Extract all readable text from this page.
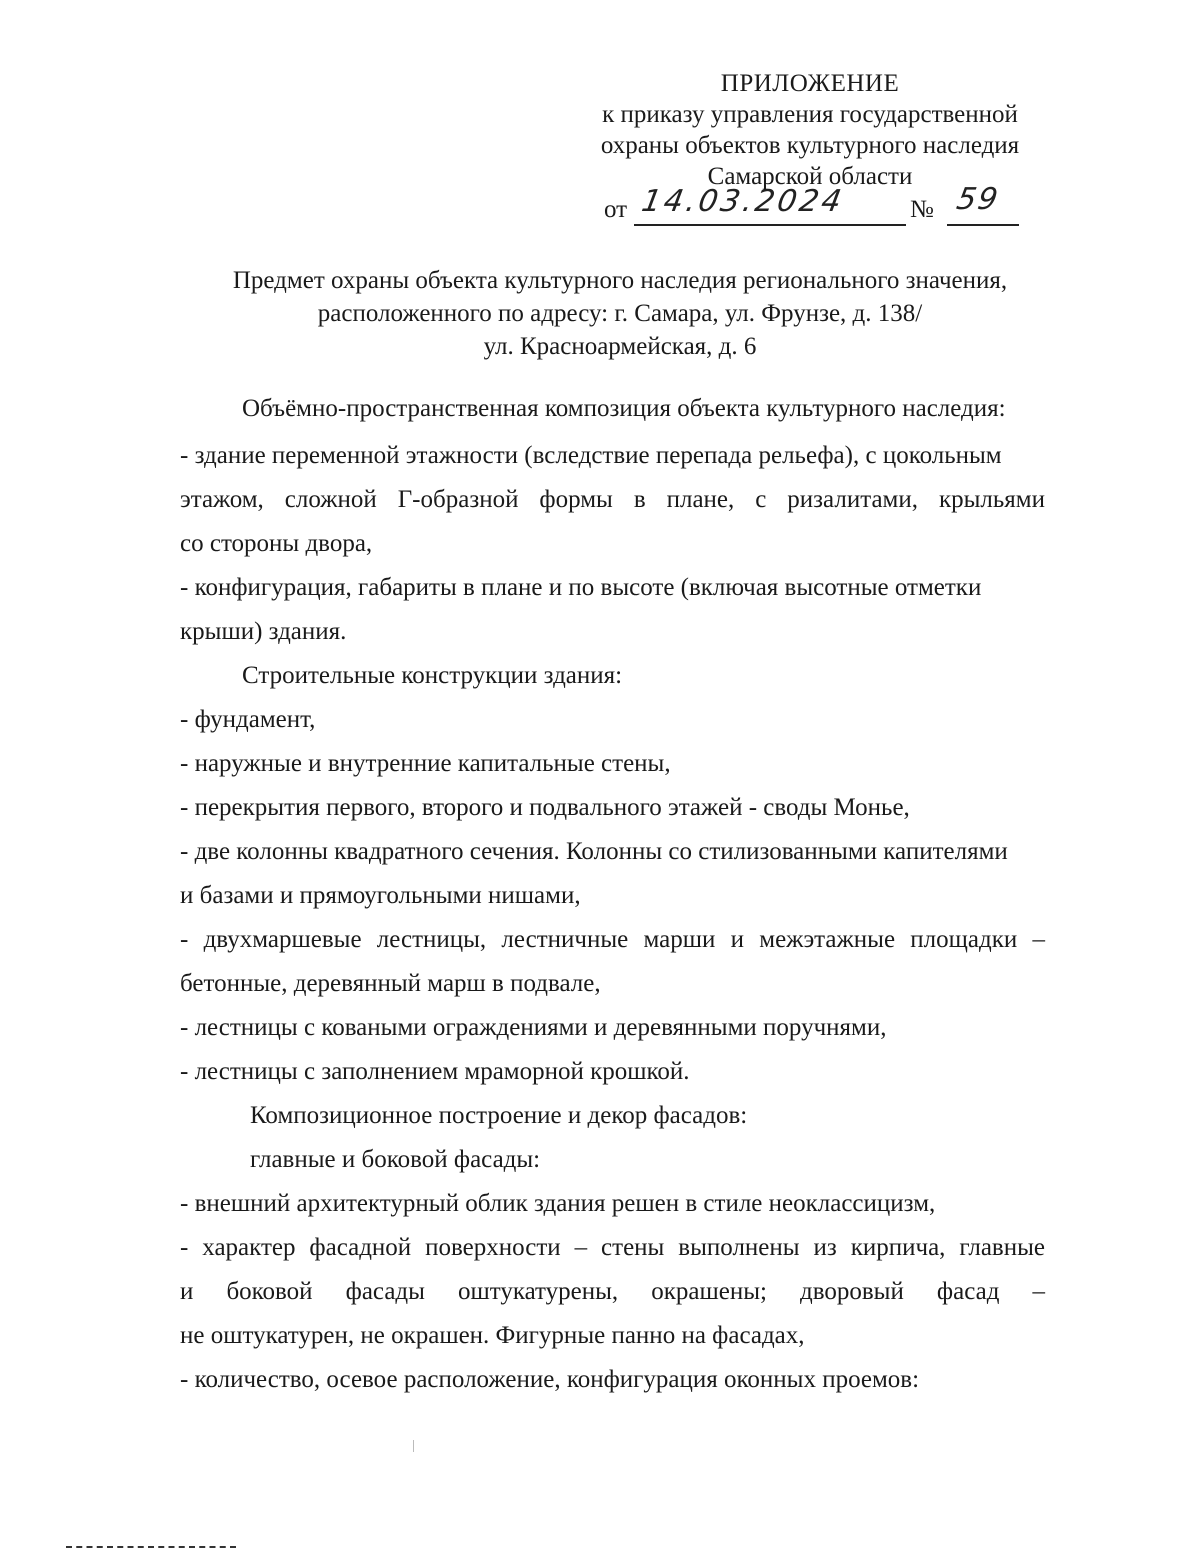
ПРИЛОЖЕНИЕ
к приказу управления государственной
охраны объектов культурного наследия
Самарской области
от 14.03.2024	№ 59
Предмет охраны объекта культурного наследия регионального значения,
расположенного по адресу: г. Самара, ул. Фрунзе, д. 138/
ул. Красноармейская, д. 6
Объёмно-пространственная композиция объекта культурного наследия:
- здание переменной этажности (вследствие перепада рельефа), с цокольным
этажом, сложной Г-образной формы в плане, с ризалитами, крыльями
со стороны двора,
- конфигурация, габариты в плане и по высоте (включая высотные отметки
крыши) здания.
Строительные конструкции здания:
- фундамент,
- наружные и внутренние капитальные стены,
- перекрытия первого, второго и подвального этажей - своды Монье,
- две колонны квадратного сечения. Колонны со стилизованными капителями
и базами и прямоугольными нишами,
- двухмаршевые лестницы, лестничные марши и межэтажные площадки –
бетонные, деревянный марш в подвале,
- лестницы с коваными ограждениями и деревянными поручнями,
- лестницы с заполнением мраморной крошкой.
Композиционное построение и декор фасадов:
главные и боковой фасады:
- внешний архитектурный облик здания решен в стиле неоклассицизм,
- характер фасадной поверхности – стены выполнены из кирпича, главные
и боковой фасады оштукатурены, окрашены; дворовый фасад –
не оштукатурен, не окрашен. Фигурные панно на фасадах,
- количество, осевое расположение, конфигурация оконных проемов:
